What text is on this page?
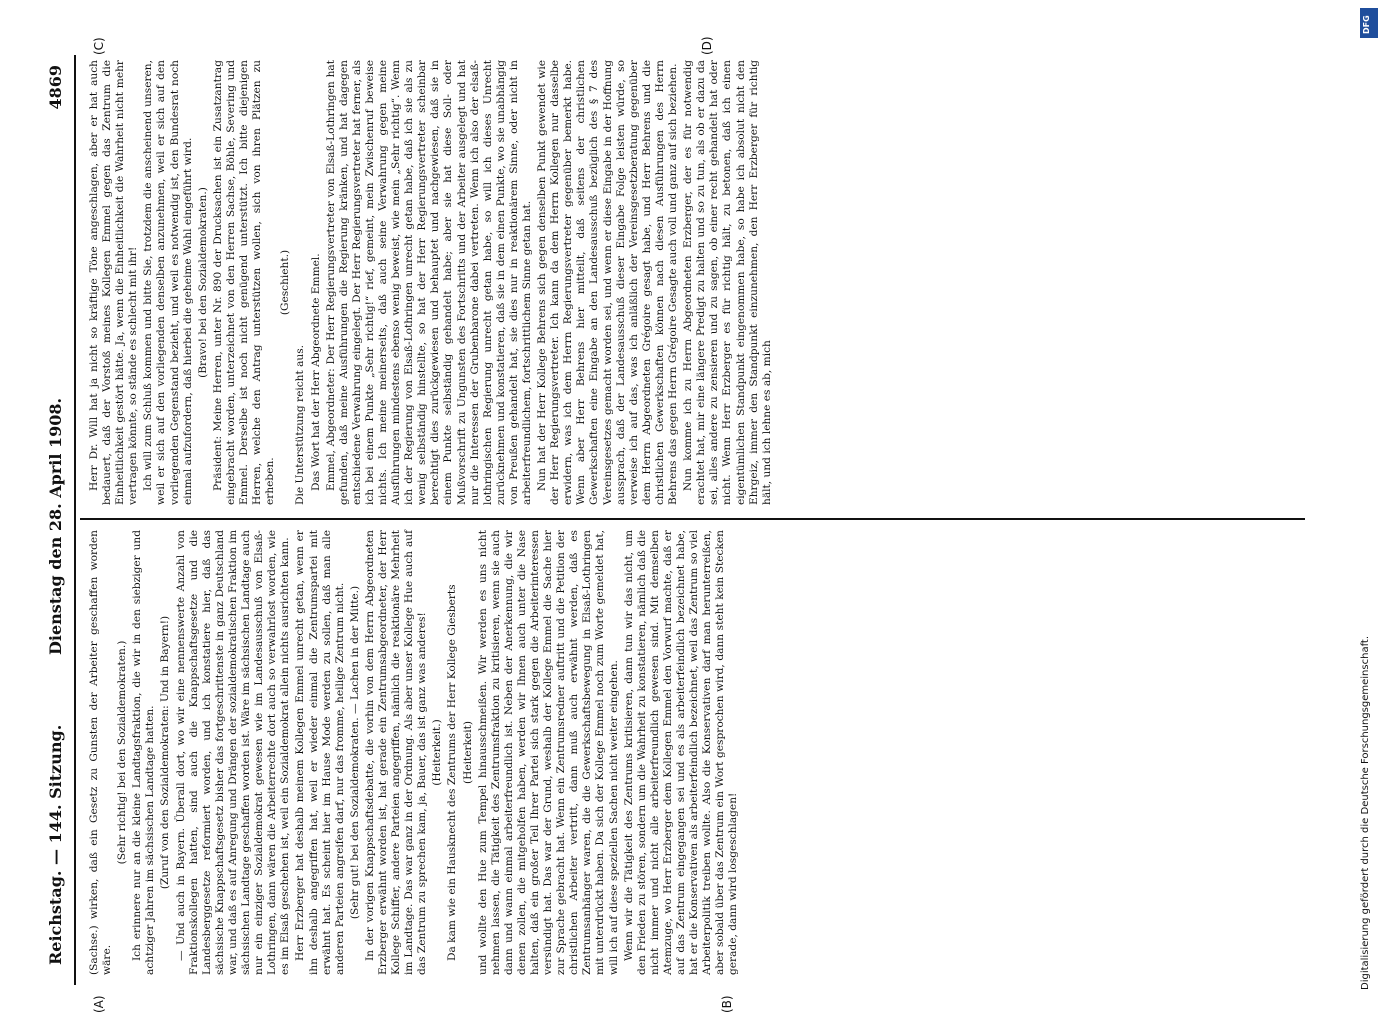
Reichstag. — 144. Sitzung.
Dienstag den 28. April 1908.
4869

(Sachse.) wirken, daß ein Gesetz zu Gunsten der Arbeiter geschaffen worden wäre.

(Sehr richtig! bei den Sozialdemokraten.) Ich erinnere nur an die kleine Landtagsfraktion, die wir in den siebziger und achtziger Jahren im sächsischen Landtage hatten. (Zuruf von den Sozialdemokraten: Und in Bayern!) — Und auch in Bayern. Überall dort, wo wir eine nennenswerte Anzahl von Fraktionskollegen hatten, sind auch die Knappschaftsgesetze und die Landesberggesetze reformiert worden, und ich konstatiere hier, daß das sächsische Knappschaftsgesetz bisher das fortgeschrittenste in ganz Deutschland war, und daß es auf Anregung und Drängen der sozialdemokratischen Fraktion im sächsischen Landtage geschaffen worden ist. Wäre im sächsischen Landtage auch nur ein einziger Sozialdemokrat gewesen wie im Landesausschuß von Elsaß-Lothringen, dann wären die Arbeiterrechte dort auch so verwahrlost worden, wie es im Elsaß geschehen ist, weil ein Sozialdemokrat allein nichts ausrichten kann. Herr Erzberger hat deshalb meinem Kollegen Emmel unrecht getan, wenn er ihn deshalb angegriffen hat, weil er wieder einmal die Zentrumspartei mit erwähnt hat. Es scheint hier im Hause Mode werden zu sollen, daß man alle anderen Parteien angreifen darf, nur das fromme, heilige Zentrum nicht. (Sehr gut! bei den Sozialdemokraten. — Lachen in der Mitte.) In der vorigen Knappschaftsdebatte, die vorhin von dem Herrn Abgeordneten Erzberger erwähnt worden ist, hat gerade ein Zentrumsabgeordneter, der Herr Kollege Schiffer, andere Parteien angegriffen, nämlich die reaktionäre Mehrheit im Landtage. Das war ganz in der Ordnung. Als aber unser Kollege Hue auch auf das Zentrum zu sprechen kam, ja, Bauer, das ist ganz was anderes! (Heiterkeit.) Da kam wie ein Hausknecht des Zentrums der Herr Kollege Giesberts (Heiterkeit) und wollte den Hue zum Tempel hinausschmeißen. Wir werden es uns nicht nehmen lassen, die Tätigkeit des Zentrumsfraktion zu kritisieren, wenn sie auch dann und wann einmal arbeiterfreundlich ist. Neben der Anerkennung, die wir denen zollen, die mitgeholfen haben, werden wir Ihnen auch unter die Nase halten, daß ein großer Teil Ihrer Partei sich stark gegen die Arbeiterinteressen versündigt hat. Das war der Grund, weshalb der Kollege Emmel die Sache hier zur Sprache gebracht hat. Wenn ein Zentrumsredner auftritt und die Petition der christlichen Arbeiter vertritt, dann muß auch erwähnt werden, daß es Zentrumsanhänger waren, die die Gewerkschaftsbewegung in Elsaß-Lothringen mit unterdrückt haben. Da sich der Kollege Emmel noch zum Worte gemeldet hat, will ich auf diese speziellen Sachen nicht weiter eingehen. Wenn wir die Tätigkeit des Zentrums kritisieren, dann tun wir das nicht, um den Frieden zu stören, sondern um die Wahrheit zu konstatieren, nämlich daß die nicht immer und nicht alle arbeiterfreundlich gewesen sind. Mit demselben Atemzuge, wo Herr Erzberger dem Kollegen Emmel den Vorwurf machte, daß er auf das Zentrum eingegangen sei und es als arbeiterfeindlich bezeichnet habe, hat er die Konservativen als arbeiterfeindlich bezeichnet, weil das Zentrum so viel Arbeiterpolitik treiben wollte. Also die Konservativen darf man herunterreißen, aber sobald über das Zentrum ein Wort gesprochen wird, dann steht kein Stecken gerade, dann wird losgeschlagen!

Herr Dr. Will hat ja nicht so kräftige Töne angeschlagen, aber er hat auch bedauert, daß der Vorstoß meines Kollegen Emmel gegen das Zentrum die Einheitlichkeit gestört hätte. Ja, wenn die Einheitlichkeit die Wahrheit nicht mehr vertragen könnte, so stände es schlecht mit ihr! Ich will zum Schluß kommen und bitte Sie, trotzdem die anscheinend unseren, weil er sich auf den vorliegenden denselben anzunehmen, weil er sich auf den vorliegenden Gegenstand bezieht, und weil es notwendig ist, den Bundesrat noch einmal aufzufordern, daß hierbei die geheime Wahl eingeführt wird. (Bravo! bei den Sozialdemokraten.) Präsident: Meine Herren, unter Nr. 890 der Drucksachen ist ein Zusatzantrag eingebracht worden, unterzeichnet von den Herren Sachse, Böhle, Severing und Emmel. Derselbe ist noch nicht genügend unterstützt. Ich bitte diejenigen Herren, welche den Antrag unterstützen wollen, sich von ihren Plätzen zu erheben.

(Geschieht.)

Die Unterstützung reicht aus. Das Wort hat der Herr Abgeordnete Emmel. Emmel, Abgeordneter: Der Herr Regierungsvertreter von Elsaß-Lothringen hat gefunden, daß meine Ausführungen die Regierung kränken, und hat dagegen entschiedene Verwahrung eingelegt. Der Herr Regierungsvertreter hat ferner, als ich bei einem Punkte „Sehr richtig!“ rief, gemeint, mein Zwischenruf beweise nichts. Ich meine meinerseits, daß auch seine Verwahrung gegen meine Ausführungen mindestens ebenso wenig beweist, wie mein „Sehr richtig“. Wenn ich der Regierung von Elsaß-Lothringen unrecht getan habe, daß ich sie als zu wenig selbständig hinstellte, so hat der Herr Regierungsvertreter scheinbar berechtigt dies zurückgewiesen und behauptet und nachgewiesen, daß sie in einem Punkte selbständig gehandelt habe; aber sie hat diese Soll- oder Mußvorschrift zu Ungunsten des Fortschritts und der Arbeiter ausgelegt und hat nur die Interessen der Grubenbarone dabei vertreten. Wenn ich also der elsaß-lothringischen Regierung unrecht getan habe, so will ich dieses Unrecht zurücknehmen und konstatieren, daß sie in dem einen Punkte, wo sie unabhängig von Preußen gehandelt hat, sie dies nur in reaktionärem Sinne, oder nicht in arbeiterfreundlichem, fortschrittlichem Sinne getan hat. Nun hat der Herr Kollege Behrens sich gegen denselben Punkt gewendet wie der Herr Regierungsvertreter. Ich kann da dem Herrn Kollegen nur dasselbe erwidern, was ich dem Herrn Regierungsvertreter gegenüber bemerkt habe. Wenn aber Herr Behrens hier mitteilt, daß seitens der christlichen Gewerkschaften eine Eingabe an den Landesausschuß bezüglich des § 7 des Vereinsgesetzes gemacht worden sei, und wenn er diese Eingabe in der Hoffnung aussprach, daß der Landesausschuß dieser Eingabe Folge leisten würde, so verweise ich auf das, was ich anläßlich der Vereinsgesetzberatung gegenüber dem Herrn Abgeordneten Grégoire gesagt habe, und Herr Behrens und die christlichen Gewerkschaften können nach diesen Ausführungen des Herrn Behrens das gegen Herrn Grégoire Gesagte auch voll und ganz auf sich beziehen. Nun komme ich zu Herrn Abgeordneten Erzberger, der es für notwendig erachtet hat, mir eine längere Predigt zu halten und so zu tun, als ob er dazu da sei, alles andere zu zensieren und zu sagen, ob einer recht gehandelt hat oder nicht. Wenn Herr Erzberger es für richtig hält, zu betonen, daß ich einen eigentümlichen Standpunkt eingenommen habe, so habe ich absolut nicht den Ehrgeiz, immer den Standpunkt einzunehmen, den Herr Erzberger für richtig hält, und ich lehne es ab, mich

(A)	(B)
(C)	(D)
DFG
Digitalisierung gefördert durch die Deutsche Forschungsgemeinschaft.
